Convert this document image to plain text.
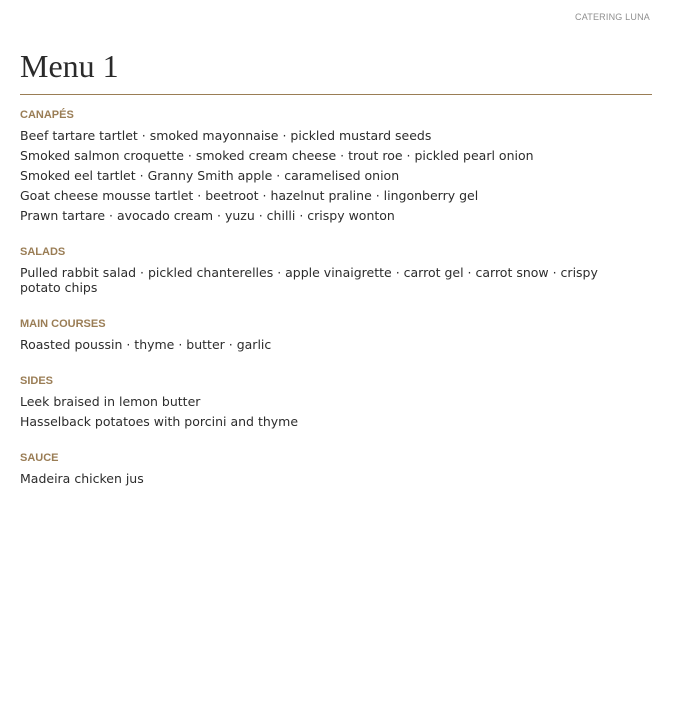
CATERING LUNA
Menu 1
CANAPÉS
Beef tartare tartlet · smoked mayonnaise · pickled mustard seeds
Smoked salmon croquette · smoked cream cheese · trout roe · pickled pearl onion
Smoked eel tartlet · Granny Smith apple · caramelised onion
Goat cheese mousse tartlet · beetroot · hazelnut praline · lingonberry gel
Prawn tartare · avocado cream · yuzu · chilli · crispy wonton
SALADS
Pulled rabbit salad · pickled chanterelles · apple vinaigrette · carrot gel · carrot snow · crispy potato chips
MAIN COURSES
Roasted poussin · thyme · butter · garlic
SIDES
Leek braised in lemon butter
Hasselback potatoes with porcini and thyme
SAUCE
Madeira chicken jus
